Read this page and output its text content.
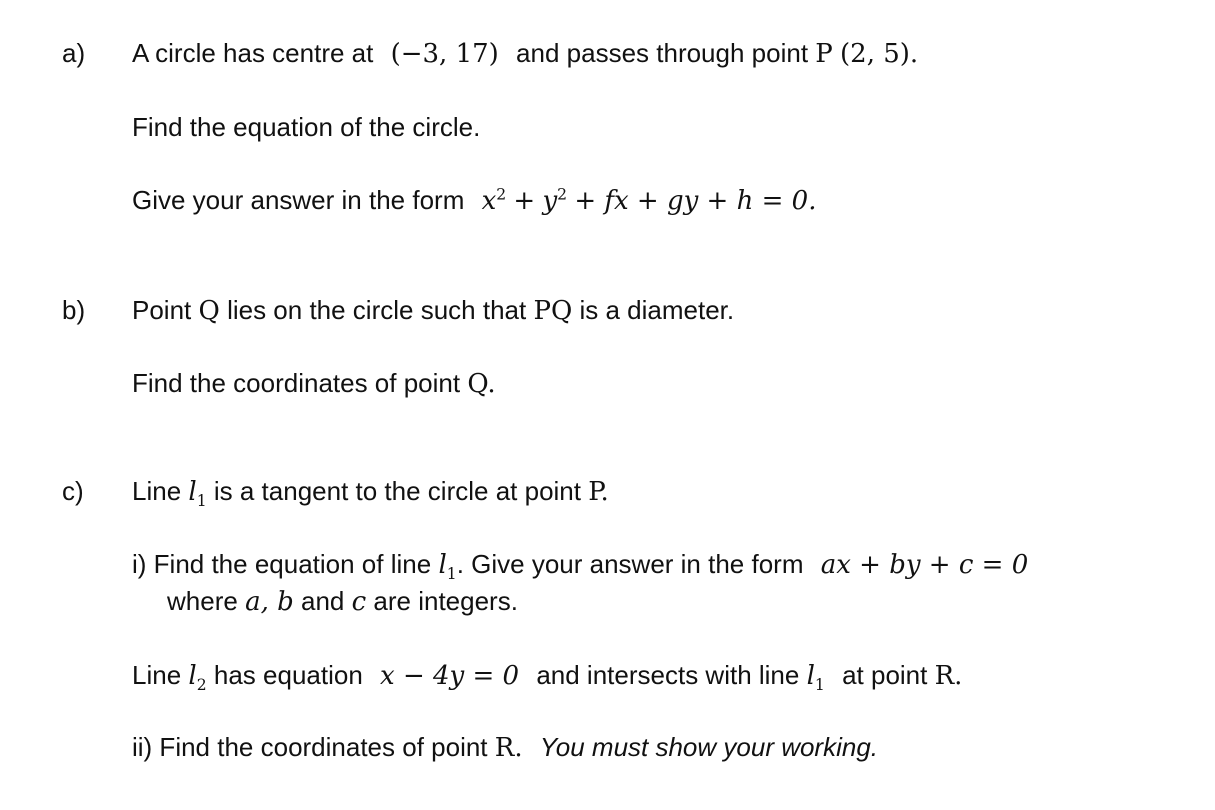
a) A circle has centre at (−3, 17) and passes through point P (2, 5).
Find the equation of the circle.
Give your answer in the form $x^2 + y^2$ + fx + gy + h = 0.
b) Point Q lies on the circle such that PQ is a diameter.
Find the coordinates of point Q.
c) Line $l_1$ is a tangent to the circle at point P.
i) Find the equation of line $l_1$. Give your answer in the form ax + by + c = 0
where a, b and c are integers.
Line $l_2$ has equation x − 4y = 0 and intersects with line $l_1$ at point R.
ii) Find the coordinates of point R. You must show your working.
